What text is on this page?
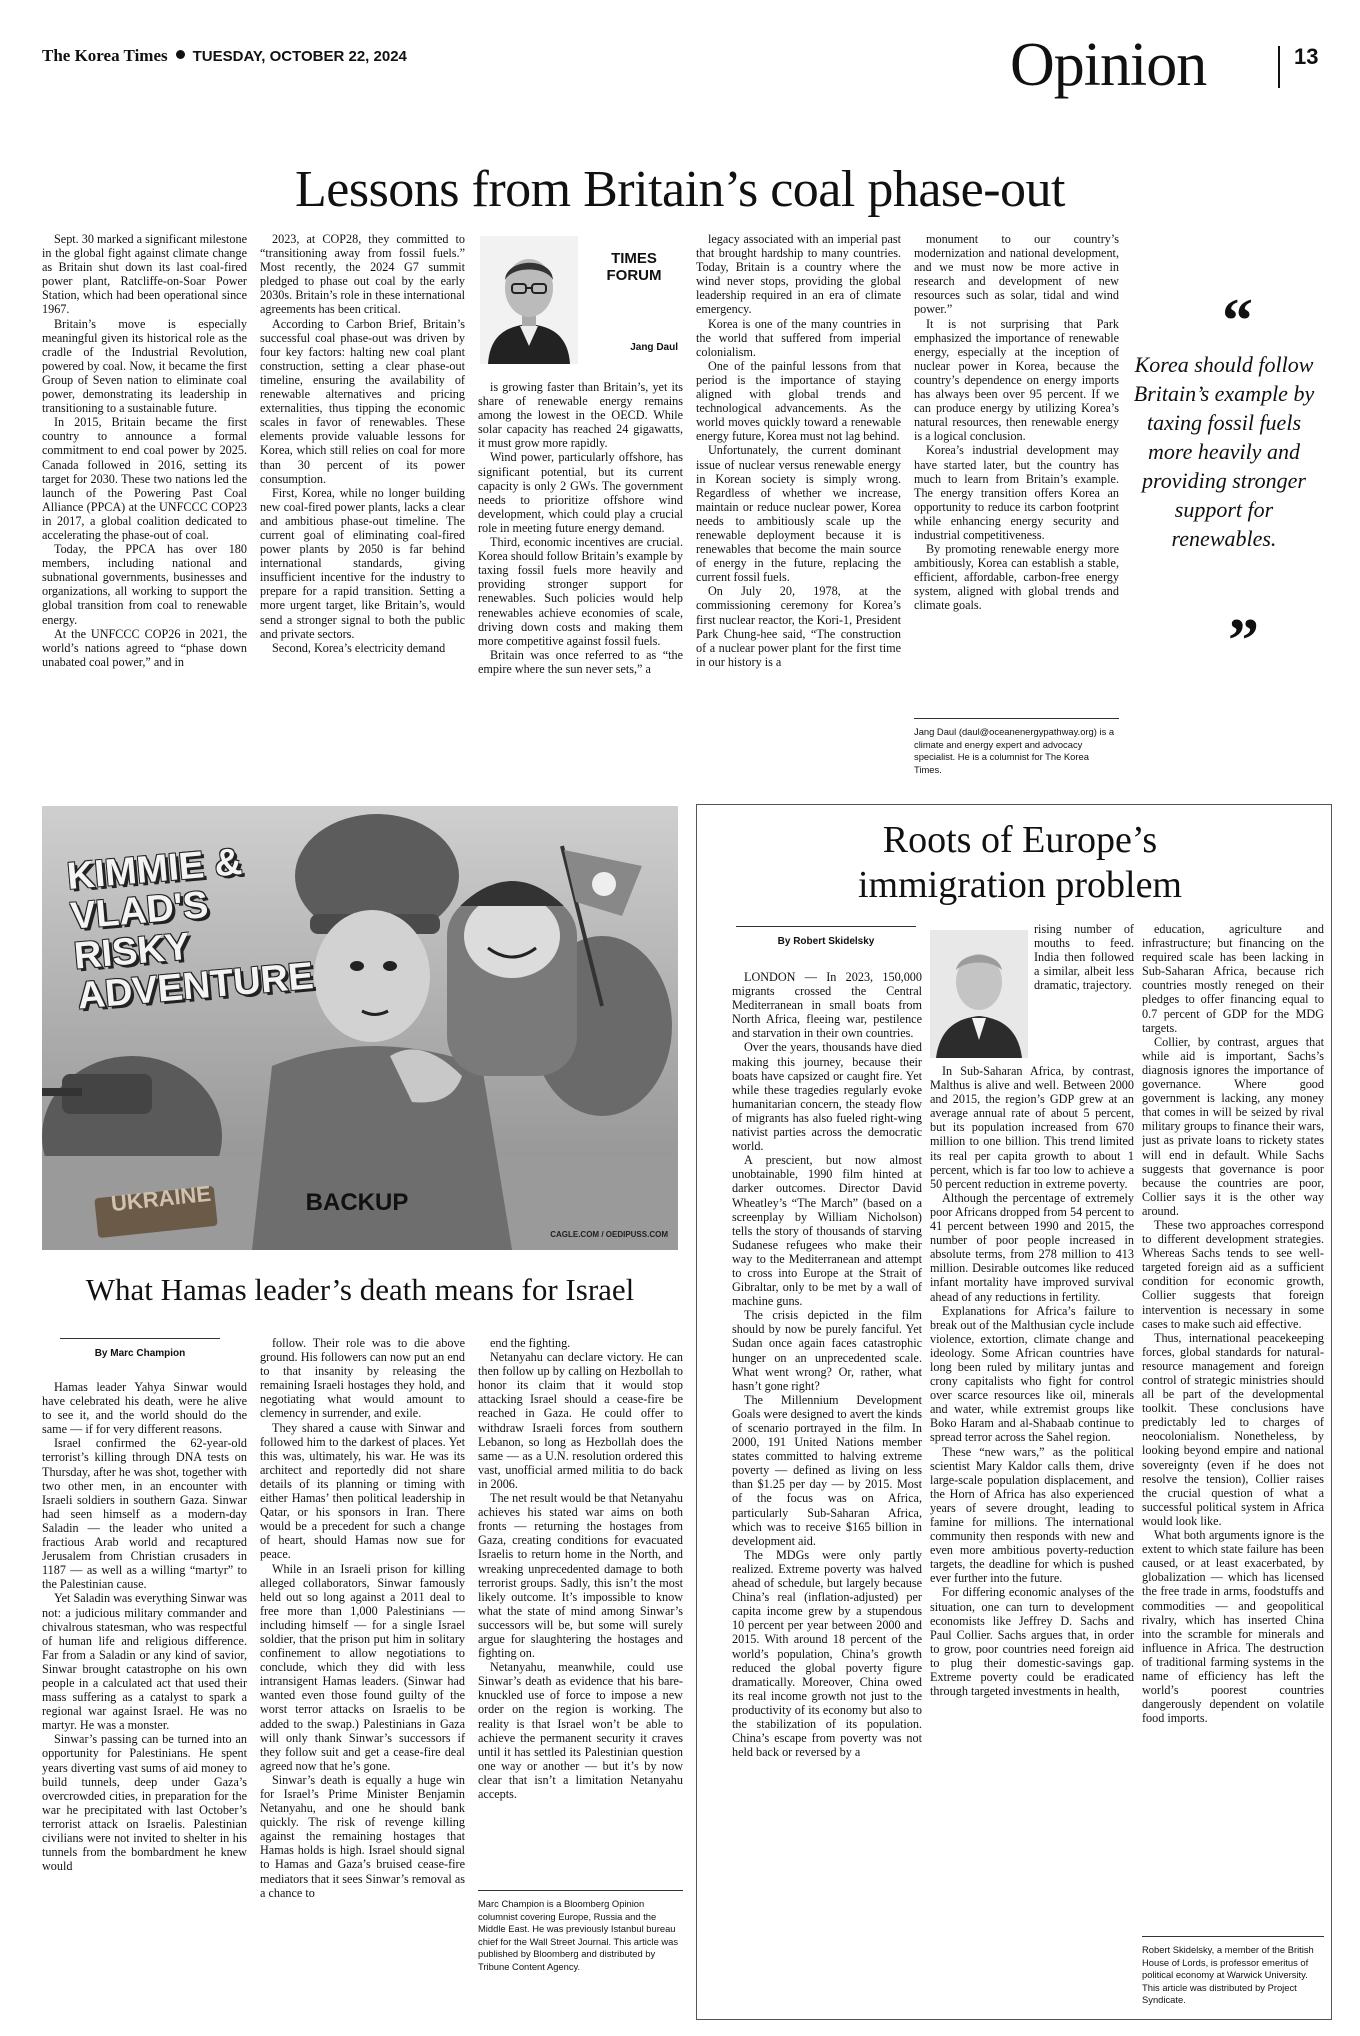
The Korea Times TUESDAY, OCTOBER 22, 2024	Opinion	13
Lessons from Britain’s coal phase-out

Sept. 30 marked a significant milestone in the global fight against climate change as Britain shut down its last coal-fired power plant, Ratcliffe-on-Soar Power Station, which had been operational since 1967.

Britain’s move is especially meaningful given its historical role as the cradle of the Industrial Revolution, powered by coal. Now, it became the first Group of Seven nation to eliminate coal power, demonstrating its leadership in transitioning to a sustainable future.

In 2015, Britain became the first country to announce a formal commitment to end coal power by 2025. Canada followed in 2016, setting its target for 2030. These two nations led the launch of the Powering Past Coal Alliance (PPCA) at the UNFCCC COP23 in 2017, a global coalition dedicated to accelerating the phase-out of coal.

Today, the PPCA has over 180 members, including national and subnational governments, businesses and organizations, all working to support the global transition from coal to renewable energy.

At the UNFCCC COP26 in 2021, the world’s nations agreed to “phase down unabated coal power,” and in

2023, at COP28, they committed to “transitioning away from fossil fuels.” Most recently, the 2024 G7 summit pledged to phase out coal by the early 2030s. Britain’s role in these international agreements has been critical.

According to Carbon Brief, Britain’s successful coal phase-out was driven by four key factors: halting new coal plant construction, setting a clear phase-out timeline, ensuring the availability of renewable alternatives and pricing externalities, thus tipping the economic scales in favor of renewables. These elements provide valuable lessons for Korea, which still relies on coal for more than 30 percent of its power consumption.

First, Korea, while no longer building new coal-fired power plants, lacks a clear and ambitious phase-out timeline. The current goal of eliminating coal-fired power plants by 2050 is far behind international standards, giving insufficient incentive for the industry to prepare for a rapid transition. Setting a more urgent target, like Britain’s, would send a stronger signal to both the public and private sectors.

Second, Korea’s electricity demand

TIMES FORUM
Jang Daul

is growing faster than Britain’s, yet its share of renewable energy remains among the lowest in the OECD. While solar capacity has reached 24 gigawatts, it must grow more rapidly.

Wind power, particularly offshore, has significant potential, but its current capacity is only 2 GWs. The government needs to prioritize offshore wind development, which could play a crucial role in meeting future energy demand.

Third, economic incentives are crucial. Korea should follow Britain’s example by taxing fossil fuels more heavily and providing stronger support for renewables. Such policies would help renewables achieve economies of scale, driving down costs and making them more competitive against fossil fuels.

Britain was once referred to as “the empire where the sun never sets,” a

legacy associated with an imperial past that brought hardship to many countries. Today, Britain is a country where the wind never stops, providing the global leadership required in an era of climate emergency.

Korea is one of the many countries in the world that suffered from imperial colonialism.

One of the painful lessons from that period is the importance of staying aligned with global trends and technological advancements. As the world moves quickly toward a renewable energy future, Korea must not lag behind.

Unfortunately, the current dominant issue of nuclear versus renewable energy in Korean society is simply wrong. Regardless of whether we increase, maintain or reduce nuclear power, Korea needs to ambitiously scale up the renewable deployment because it is renewables that become the main source of energy in the future, replacing the current fossil fuels.

On July 20, 1978, at the commissioning ceremony for Korea’s first nuclear reactor, the Kori-1, President Park Chung-hee said, “The construction of a nuclear power plant for the first time in our history is a

monument to our country’s modernization and national development, and we must now be more active in research and development of new resources such as solar, tidal and wind power.”

It is not surprising that Park emphasized the importance of renewable energy, especially at the inception of nuclear power in Korea, because the country’s dependence on energy imports has always been over 95 percent. If we can produce energy by utilizing Korea’s natural resources, then renewable energy is a logical conclusion.

Korea’s industrial development may have started later, but the country has much to learn from Britain’s example. The energy transition offers Korea an opportunity to reduce its carbon footprint while enhancing energy security and industrial competitiveness.

By promoting renewable energy more ambitiously, Korea can establish a stable, efficient, affordable, carbon-free energy system, aligned with global trends and climate goals.

Jang Daul (daul@oceanenergypathway.org) is a climate and energy expert and advocacy specialist. He is a columnist for The Korea Times.
“
Korea should follow Britain’s example by taxing fossil fuels more heavily and providing stronger support for renewables.
”
KIMMIE & VLAD'S RISKY ADVENTURE
UKRAINE	BACKUP
CAGLE.COM / OEDIPUSS.COM
Roots of Europe’s immigration problem
By Robert Skidelsky

LONDON — In 2023, 150,000 migrants crossed the Central Mediterranean in small boats from North Africa, fleeing war, pestilence and starvation in their own countries.

Over the years, thousands have died making this journey, because their boats have capsized or caught fire. Yet while these tragedies regularly evoke humanitarian concern, the steady flow of migrants has also fueled right-wing nativist parties across the democratic world.

A prescient, but now almost unobtainable, 1990 film hinted at darker outcomes. Director David Wheatley’s “The March” (based on a screenplay by William Nicholson) tells the story of thousands of starving Sudanese refugees who make their way to the Mediterranean and attempt to cross into Europe at the Strait of Gibraltar, only to be met by a wall of machine guns.

The crisis depicted in the film should by now be purely fanciful. Yet Sudan once again faces catastrophic hunger on an unprecedented scale. What went wrong? Or, rather, what hasn’t gone right?

The Millennium Development Goals were designed to avert the kinds of scenario portrayed in the film. In 2000, 191 United Nations member states committed to halving extreme poverty — defined as living on less than $1.25 per day — by 2015. Most of the focus was on Africa, particularly Sub-Saharan Africa, which was to receive $165 billion in development aid.

The MDGs were only partly realized. Extreme poverty was halved ahead of schedule, but largely because China’s real (inflation-adjusted) per capita income grew by a stupendous 10 percent per year between 2000 and 2015. With around 18 percent of the world’s population, China’s growth reduced the global poverty figure dramatically. Moreover, China owed its real income growth not just to the productivity of its economy but also to the stabilization of its population. China’s escape from poverty was not held back or reversed by a

rising number of mouths to feed. India then followed a similar, albeit less dramatic, trajectory.

In Sub-Saharan Africa, by contrast, Malthus is alive and well. Between 2000 and 2015, the region’s GDP grew at an average annual rate of about 5 percent, but its population increased from 670 million to one billion. This trend limited its real per capita growth to about 1 percent, which is far too low to achieve a 50 percent reduction in extreme poverty.

Although the percentage of extremely poor Africans dropped from 54 percent to 41 percent between 1990 and 2015, the number of poor people increased in absolute terms, from 278 million to 413 million. Desirable outcomes like reduced infant mortality have improved survival ahead of any reductions in fertility.

Explanations for Africa’s failure to break out of the Malthusian cycle include violence, extortion, climate change and ideology. Some African countries have long been ruled by military juntas and crony capitalists who fight for control over scarce resources like oil, minerals and water, while extremist groups like Boko Haram and al-Shabaab continue to spread terror across the Sahel region.

These “new wars,” as the political scientist Mary Kaldor calls them, drive large-scale population displacement, and the Horn of Africa has also experienced years of severe drought, leading to famine for millions. The international community then responds with new and even more ambitious poverty-reduction targets, the deadline for which is pushed ever further into the future.

For differing economic analyses of the situation, one can turn to development economists like Jeffrey D. Sachs and Paul Collier. Sachs argues that, in order to grow, poor countries need foreign aid to plug their domestic-savings gap. Extreme poverty could be eradicated through targeted investments in health,

education, agriculture and infrastructure; but financing on the required scale has been lacking in Sub-Saharan Africa, because rich countries mostly reneged on their pledges to offer financing equal to 0.7 percent of GDP for the MDG targets.

Collier, by contrast, argues that while aid is important, Sachs’s diagnosis ignores the importance of governance. Where good government is lacking, any money that comes in will be seized by rival military groups to finance their wars, just as private loans to rickety states will end in default. While Sachs suggests that governance is poor because the countries are poor, Collier says it is the other way around.

These two approaches correspond to different development strategies. Whereas Sachs tends to see well-targeted foreign aid as a sufficient condition for economic growth, Collier suggests that foreign intervention is necessary in some cases to make such aid effective.

Thus, international peacekeeping forces, global standards for natural-resource management and foreign control of strategic ministries should all be part of the developmental toolkit. These conclusions have predictably led to charges of neocolonialism. Nonetheless, by looking beyond empire and national sovereignty (even if he does not resolve the tension), Collier raises the crucial question of what a successful political system in Africa would look like.

What both arguments ignore is the extent to which state failure has been caused, or at least exacerbated, by globalization — which has licensed the free trade in arms, foodstuffs and commodities — and geopolitical rivalry, which has inserted China into the scramble for minerals and influence in Africa. The destruction of traditional farming systems in the name of efficiency has left the world’s poorest countries dangerously dependent on volatile food imports.

Robert Skidelsky, a member of the British House of Lords, is professor emeritus of political economy at Warwick University. This article was distributed by Project Syndicate.
What Hamas leader’s death means for Israel
By Marc Champion

Hamas leader Yahya Sinwar would have celebrated his death, were he alive to see it, and the world should do the same — if for very different reasons.

Israel confirmed the 62-year-old terrorist’s killing through DNA tests on Thursday, after he was shot, together with two other men, in an encounter with Israeli soldiers in southern Gaza. Sinwar had seen himself as a modern-day Saladin — the leader who united a fractious Arab world and recaptured Jerusalem from Christian crusaders in 1187 — as well as a willing “martyr” to the Palestinian cause.

Yet Saladin was everything Sinwar was not: a judicious military commander and chivalrous statesman, who was respectful of human life and religious difference. Far from a Saladin or any kind of savior, Sinwar brought catastrophe on his own people in a calculated act that used their mass suffering as a catalyst to spark a regional war against Israel. He was no martyr. He was a monster.

Sinwar’s passing can be turned into an opportunity for Palestinians. He spent years diverting vast sums of aid money to build tunnels, deep under Gaza’s overcrowded cities, in preparation for the war he precipitated with last October’s terrorist attack on Israelis. Palestinian civilians were not invited to shelter in his tunnels from the bombardment he knew would

follow. Their role was to die above ground. His followers can now put an end to that insanity by releasing the remaining Israeli hostages they hold, and negotiating what would amount to clemency in surrender, and exile.

They shared a cause with Sinwar and followed him to the darkest of places. Yet this was, ultimately, his war. He was its architect and reportedly did not share details of its planning or timing with either Hamas’ then political leadership in Qatar, or his sponsors in Iran. There would be a precedent for such a change of heart, should Hamas now sue for peace.

While in an Israeli prison for killing alleged collaborators, Sinwar famously held out so long against a 2011 deal to free more than 1,000 Palestinians — including himself — for a single Israel soldier, that the prison put him in solitary confinement to allow negotiations to conclude, which they did with less intransigent Hamas leaders. (Sinwar had wanted even those found guilty of the worst terror attacks on Israelis to be added to the swap.) Palestinians in Gaza will only thank Sinwar’s successors if they follow suit and get a cease-fire deal agreed now that he’s gone.

Sinwar’s death is equally a huge win for Israel’s Prime Minister Benjamin Netanyahu, and one he should bank quickly. The risk of revenge killing against the remaining hostages that Hamas holds is high. Israel should signal to Hamas and Gaza’s bruised cease-fire mediators that it sees Sinwar’s removal as a chance to

end the fighting.

Netanyahu can declare victory. He can then follow up by calling on Hezbollah to honor its claim that it would stop attacking Israel should a cease-fire be reached in Gaza. He could offer to withdraw Israeli forces from southern Lebanon, so long as Hezbollah does the same — as a U.N. resolution ordered this vast, unofficial armed militia to do back in 2006.

The net result would be that Netanyahu achieves his stated war aims on both fronts — returning the hostages from Gaza, creating conditions for evacuated Israelis to return home in the North, and wreaking unprecedented damage to both terrorist groups. Sadly, this isn’t the most likely outcome. It’s impossible to know what the state of mind among Sinwar’s successors will be, but some will surely argue for slaughtering the hostages and fighting on.

Netanyahu, meanwhile, could use Sinwar’s death as evidence that his bare-knuckled use of force to impose a new order on the region is working. The reality is that Israel won’t be able to achieve the permanent security it craves until it has settled its Palestinian question one way or another — but it’s by now clear that isn’t a limitation Netanyahu accepts.

Marc Champion is a Bloomberg Opinion columnist covering Europe, Russia and the Middle East. He was previously Istanbul bureau chief for the Wall Street Journal. This article was published by Bloomberg and distributed by Tribune Content Agency.
